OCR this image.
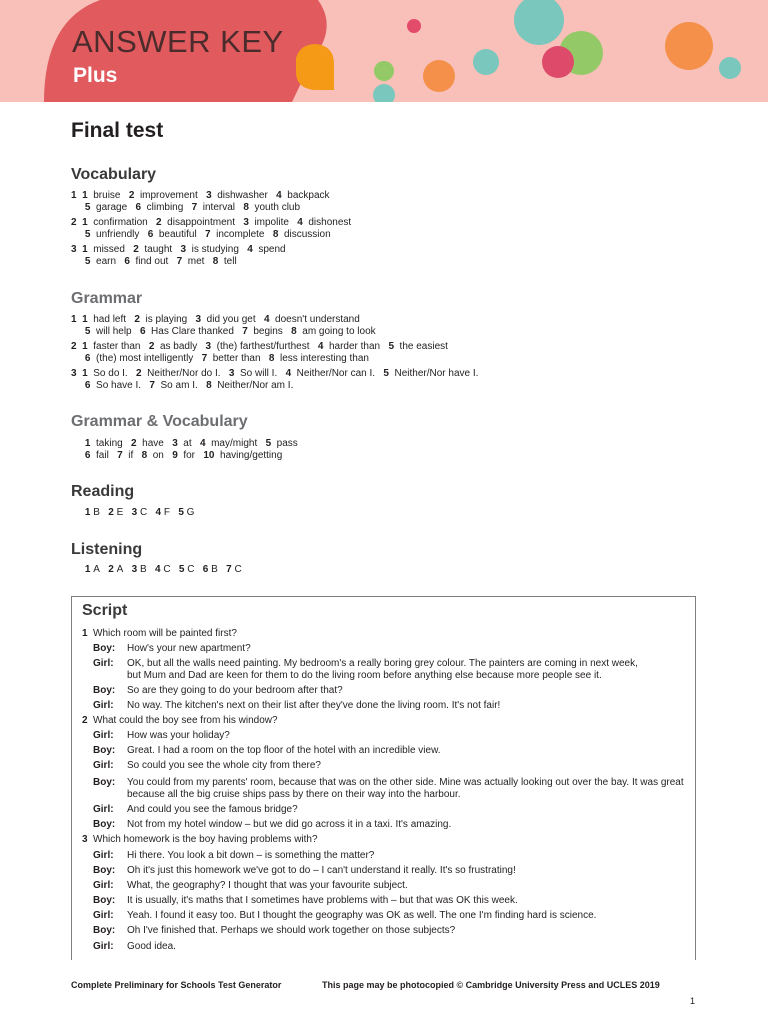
ANSWER KEY
Plus
Final test
Vocabulary
1 1  bruise   2  improvement   3  dishwasher   4  backpack
5  garage   6  climbing   7  interval   8  youth club
2 1  confirmation   2  disappointment   3  impolite   4  dishonest
5  unfriendly   6  beautiful   7  incomplete   8  discussion
3 1  missed   2  taught   3  is studying   4  spend
5  earn   6  find out   7  met   8  tell
Grammar
1 1  had left   2  is playing   3  did you get   4  doesn't understand
5  will help   6  Has Clare thanked   7  begins   8  am going to look
2 1  faster than   2  as badly   3  (the) farthest/furthest   4  harder than   5  the easiest
6  (the) most intelligently   7  better than   8  less interesting than
3 1  So do I.   2  Neither/Nor do I.   3  So will I.   4  Neither/Nor can I.   5  Neither/Nor have I.
6  So have I.   7  So am I.   8  Neither/Nor am I.
Grammar & Vocabulary
1  taking   2  have   3  at   4  may/might   5  pass
6  fail   7  if   8  on   9  for   10  having/getting
Reading
1 B   2 E   3 C   4 F   5 G
Listening
1 A   2 A   3 B   4 C   5 C   6 B   7 C
Script
1 Which room will be painted first?
Boy: How's your new apartment?
Girl: OK, but all the walls need painting. My bedroom's a really boring grey colour. The painters are coming in next week, but Mum and Dad are keen for them to do the living room before anything else because more people see it.
Boy: So are they going to do your bedroom after that?
Girl: No way. The kitchen's next on their list after they've done the living room. It's not fair!
2 What could the boy see from his window?
Girl: How was your holiday?
Boy: Great. I had a room on the top floor of the hotel with an incredible view.
Girl: So could you see the whole city from there?
Boy: You could from my parents' room, because that was on the other side. Mine was actually looking out over the bay. It was great because all the big cruise ships pass by there on their way into the harbour.
Girl: And could you see the famous bridge?
Boy: Not from my hotel window – but we did go across it in a taxi. It's amazing.
3 Which homework is the boy having problems with?
Girl: Hi there. You look a bit down – is something the matter?
Boy: Oh it's just this homework we've got to do – I can't understand it really. It's so frustrating!
Girl: What, the geography? I thought that was your favourite subject.
Boy: It is usually, it's maths that I sometimes have problems with – but that was OK this week.
Girl: Yeah. I found it easy too. But I thought the geography was OK as well. The one I'm finding hard is science.
Boy: Oh I've finished that. Perhaps we should work together on those subjects?
Girl: Good idea.
Complete Preliminary for Schools Test Generator	This page may be photocopied © Cambridge University Press and UCLES 2019
1
